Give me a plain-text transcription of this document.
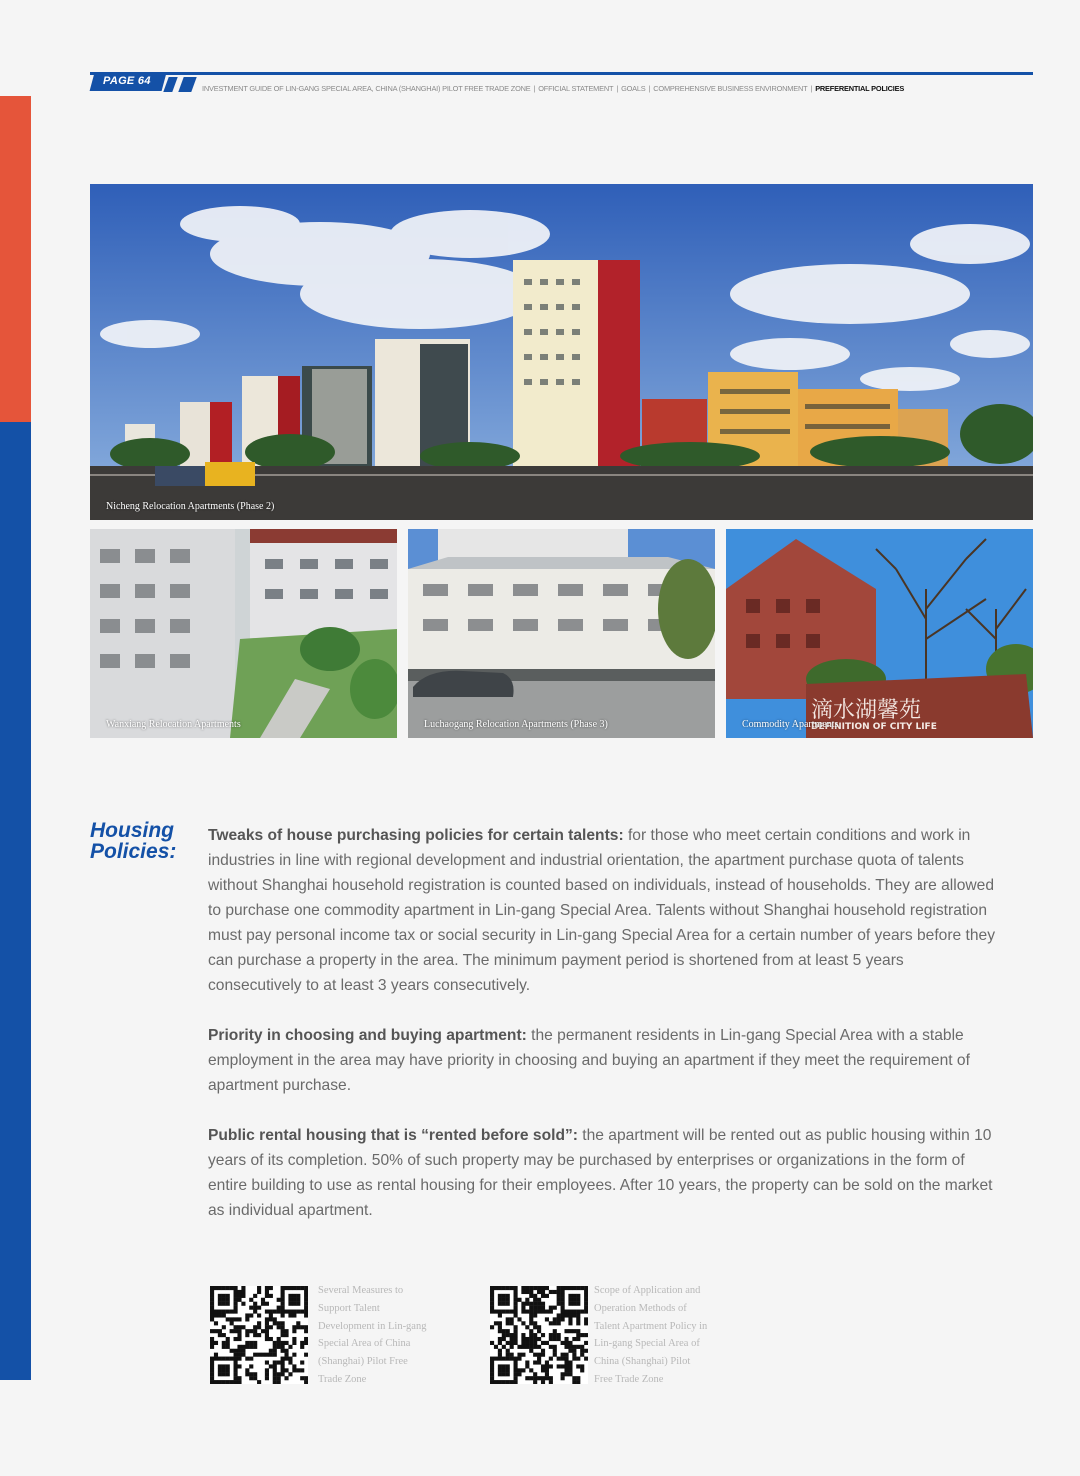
PAGE 64
INVESTMENT GUIDE OF LIN-GANG SPECIAL AREA, CHINA (SHANGHAI) PILOT FREE TRADE ZONE | OFFICIAL STATEMENT | GOALS | COMPREHENSIVE BUSINESS ENVIRONMENT | PREFERENTIAL POLICIES
Nicheng Relocation Apartments (Phase 2)
Wanxiang Relocation Apartments	Luchaogang Relocation Apartments (Phase 3)
滴水湖馨苑
DEFINITION OF CITY LIFE
Commodity Apartments
Housing
Policies:

Tweaks of house purchasing policies for certain talents: for those who meet certain conditions and work in industries in line with regional development and industrial orientation, the apartment purchase quota of talents without Shanghai household registration is counted based on individuals, instead of households. They are allowed to purchase one commodity apartment in Lin-gang Special Area. Talents without Shanghai household registration must pay personal income tax or social security in Lin-gang Special Area for a certain number of years before they can purchase a property in the area. The minimum payment period is shortened from at least 5 years consecutively to at least 3 years consecutively.

Priority in choosing and buying apartment: the permanent residents in Lin-gang Special Area with a stable employment in the area may have priority in choosing and buying an apartment if they meet the requirement of apartment purchase.

Public rental housing that is “rented before sold”: the apartment will be rented out as public housing within 10 years of its completion. 50% of such property may be purchased by enterprises or organizations in the form of entire building to use as rental housing for their employees. After 10 years, the property can be sold on the market as individual apartment.

Several Measures to
Support Talent
Development in Lin-gang
Special Area of China
(Shanghai) Pilot Free
Trade Zone
Scope of Application and
Operation Methods of
Talent Apartment Policy in
Lin-gang Special Area of
China (Shanghai) Pilot
Free Trade Zone
